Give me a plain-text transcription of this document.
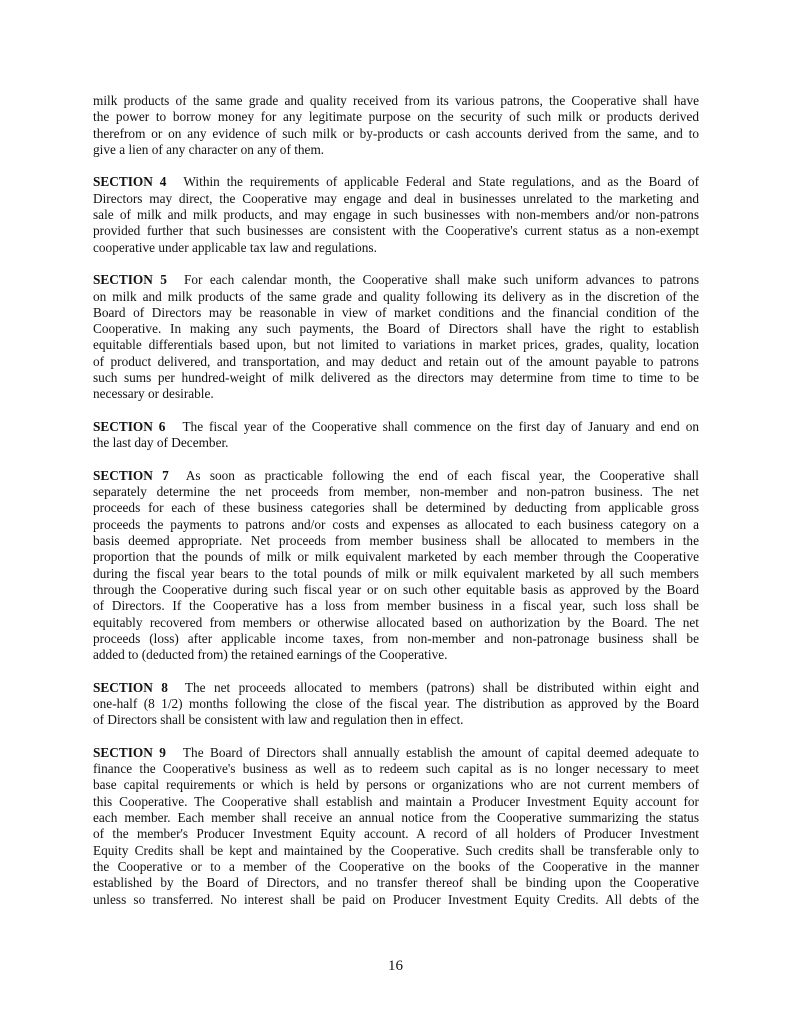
milk products of the same grade and quality received from its various patrons, the Cooperative shall have
the power to borrow money for any legitimate purpose on the security of such milk or products derived
therefrom or on any evidence of such milk or by-products or cash accounts derived from the same, and to
give a lien of any character on any of them.
SECTION 4 Within the requirements of applicable Federal and State regulations, and as the Board of
Directors may direct, the Cooperative may engage and deal in businesses unrelated to the marketing and
sale of milk and milk products, and may engage in such businesses with non-members and/or non-patrons
provided further that such businesses are consistent with the Cooperative's current status as a non-exempt
cooperative under applicable tax law and regulations.
SECTION 5 For each calendar month, the Cooperative shall make such uniform advances to patrons
on milk and milk products of the same grade and quality following its delivery as in the discretion of the
Board of Directors may be reasonable in view of market conditions and the financial condition of the
Cooperative. In making any such payments, the Board of Directors shall have the right to establish
equitable differentials based upon, but not limited to variations in market prices, grades, quality, location
of product delivered, and transportation, and may deduct and retain out of the amount payable to patrons
such sums per hundred-weight of milk delivered as the directors may determine from time to time to be
necessary or desirable.
SECTION 6 The fiscal year of the Cooperative shall commence on the first day of January and end on
the last day of December.
SECTION 7 As soon as practicable following the end of each fiscal year, the Cooperative shall
separately determine the net proceeds from member, non-member and non-patron business. The net
proceeds for each of these business categories shall be determined by deducting from applicable gross
proceeds the payments to patrons and/or costs and expenses as allocated to each business category on a
basis deemed appropriate. Net proceeds from member business shall be allocated to members in the
proportion that the pounds of milk or milk equivalent marketed by each member through the Cooperative
during the fiscal year bears to the total pounds of milk or milk equivalent marketed by all such members
through the Cooperative during such fiscal year or on such other equitable basis as approved by the Board
of Directors. If the Cooperative has a loss from member business in a fiscal year, such loss shall be
equitably recovered from members or otherwise allocated based on authorization by the Board. The net
proceeds (loss) after applicable income taxes, from non-member and non-patronage business shall be
added to (deducted from) the retained earnings of the Cooperative.
SECTION 8 The net proceeds allocated to members (patrons) shall be distributed within eight and
one-half (8 1/2) months following the close of the fiscal year. The distribution as approved by the Board
of Directors shall be consistent with law and regulation then in effect.
SECTION 9 The Board of Directors shall annually establish the amount of capital deemed adequate to
finance the Cooperative's business as well as to redeem such capital as is no longer necessary to meet
base capital requirements or which is held by persons or organizations who are not current members of
this Cooperative. The Cooperative shall establish and maintain a Producer Investment Equity account for
each member. Each member shall receive an annual notice from the Cooperative summarizing the status
of the member's Producer Investment Equity account. A record of all holders of Producer Investment
Equity Credits shall be kept and maintained by the Cooperative. Such credits shall be transferable only to
the Cooperative or to a member of the Cooperative on the books of the Cooperative in the manner
established by the Board of Directors, and no transfer thereof shall be binding upon the Cooperative
unless so transferred. No interest shall be paid on Producer Investment Equity Credits. All debts of the
16
